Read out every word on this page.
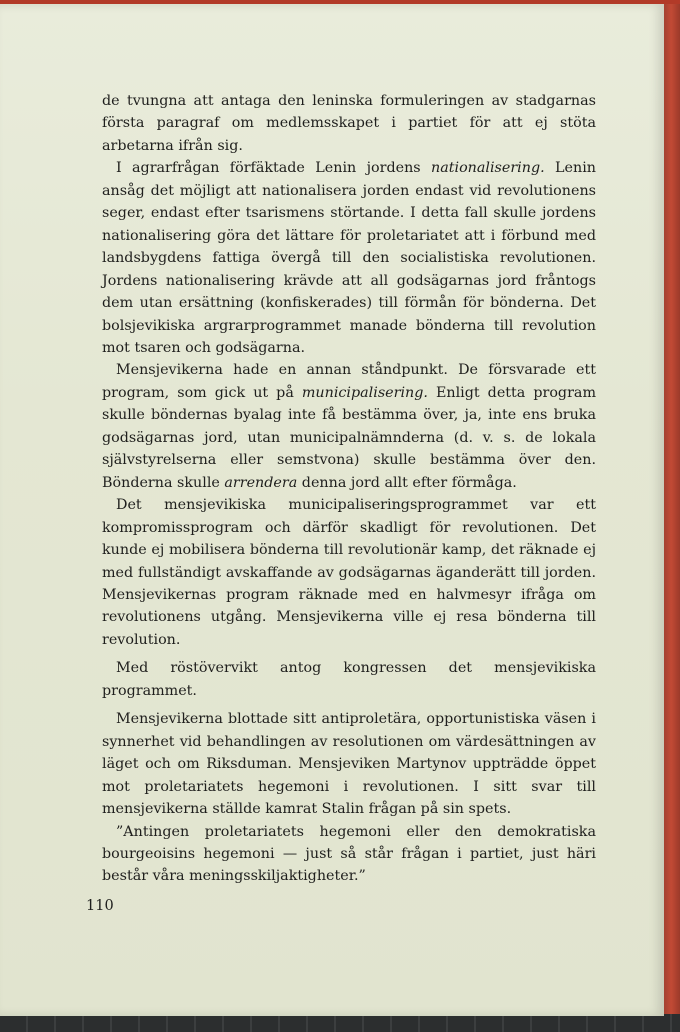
de tvungna att antaga den leninska formuleringen av stadgarnas första paragraf om medlemsskapet i partiet för att ej stöta arbetarna ifrån sig.

I agrarfrågan förfäktade Lenin jordens nationalisering. Lenin ansåg det möjligt att nationalisera jorden endast vid revolutionens seger, endast efter tsarismens störtande. I detta fall skulle jordens nationalisering göra det lättare för proletariatet att i förbund med landsbygdens fattiga övergå till den socialistiska revolutionen. Jordens nationalisering krävde att all godsägarnas jord fråntogs dem utan ersättning (konfiskerades) till förmån för bönderna. Det bolsjevikiska argrarprogrammet manade bönderna till revolution mot tsaren och godsägarna.

Mensjevikerna hade en annan ståndpunkt. De försvarade ett program, som gick ut på municipalisering. Enligt detta program skulle böndernas byalag inte få bestämma över, ja, inte ens bruka godsägarnas jord, utan municipalnämnderna (d. v. s. de lokala självstyrelserna eller semstvona) skulle bestämma över den. Bönderna skulle arrendera denna jord allt efter förmåga.

Det mensjevikiska municipaliseringsprogrammet var ett kompromissprogram och därför skadligt för revolutionen. Det kunde ej mobilisera bönderna till revolutionär kamp, det räknade ej med fullständigt avskaffande av godsägarnas äganderätt till jorden. Mensjevikernas program räknade med en halvmesyr ifråga om revolutionens utgång. Mensjevikerna ville ej resa bönderna till revolution.

Med röstövervikt antog kongressen det mensjevikiska programmet.

Mensjevikerna blottade sitt antiproletära, opportunistiska väsen i synnerhet vid behandlingen av resolutionen om värdesättningen av läget och om Riksduman. Mensjeviken Martynov uppträdde öppet mot proletariatets hegemoni i revolutionen. I sitt svar till mensjevikerna ställde kamrat Stalin frågan på sin spets.

”Antingen proletariatets hegemoni eller den demokratiska bourgeoisins hegemoni — just så står frågan i partiet, just häri består våra meningsskiljaktigheter.”

110
